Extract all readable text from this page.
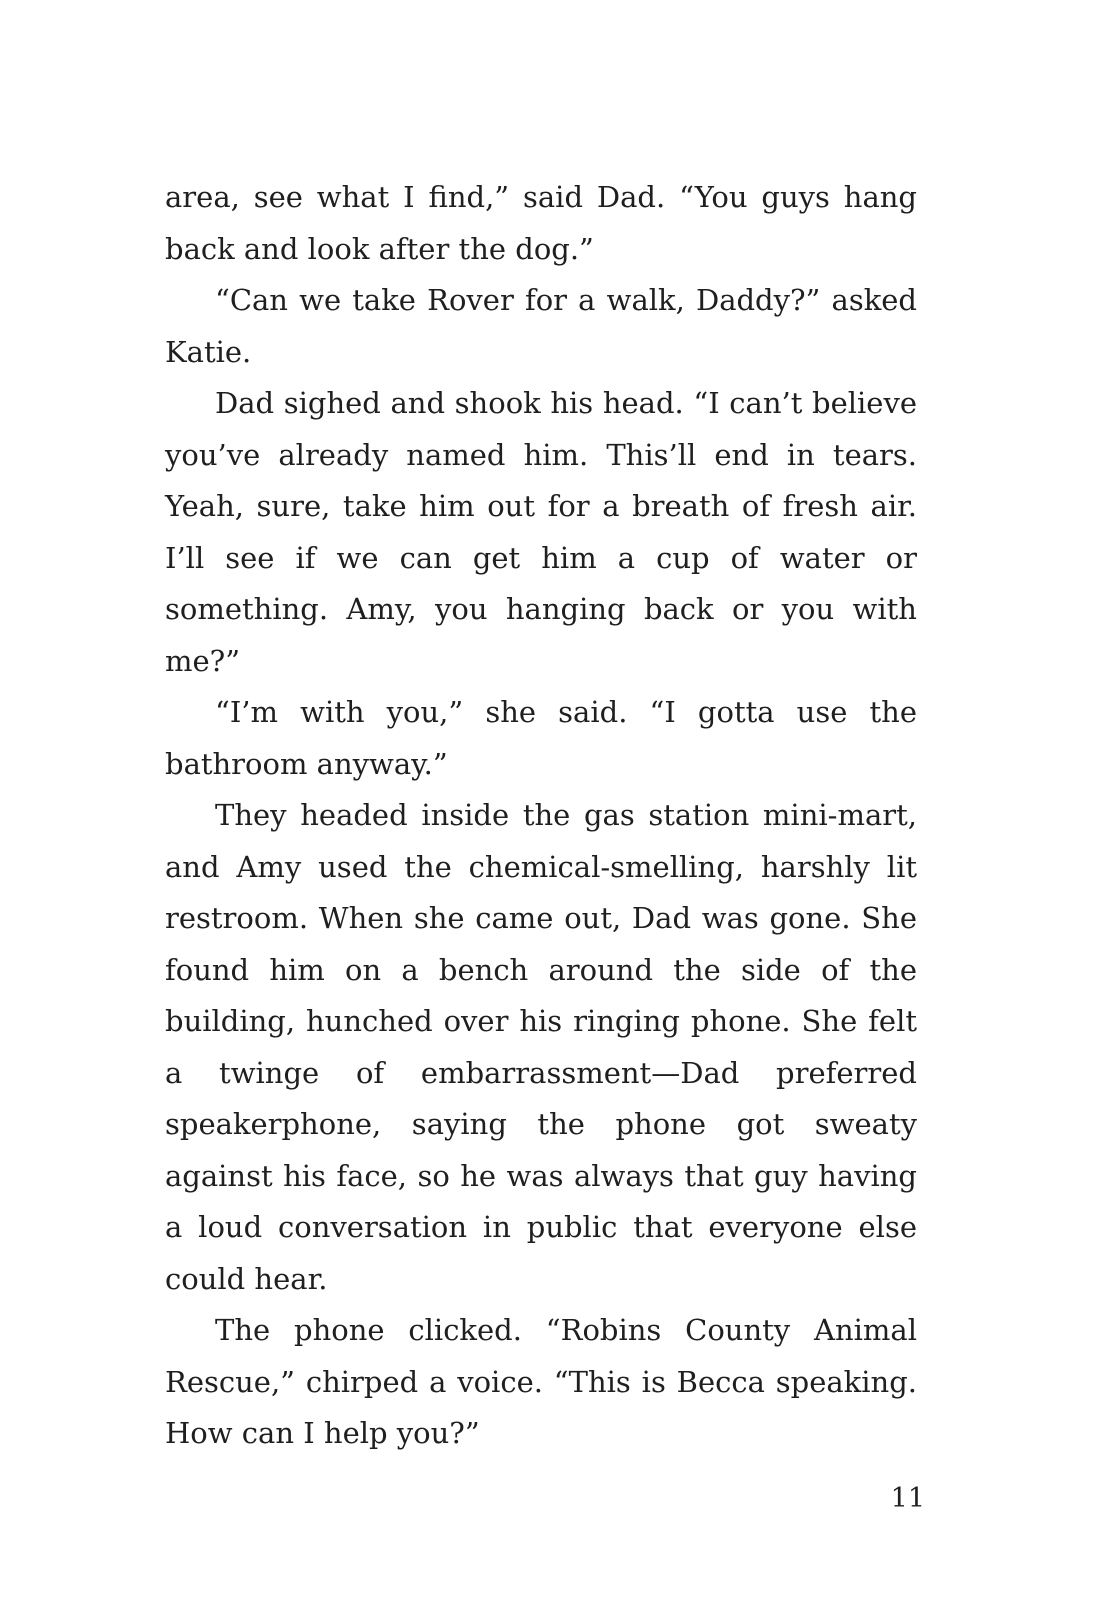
area, see what I find,” said Dad. “You guys hang back and look after the dog.”

“Can we take Rover for a walk, Daddy?” asked Katie.

Dad sighed and shook his head. “I can’t believe you’ve already named him. This’ll end in tears. Yeah, sure, take him out for a breath of fresh air. I’ll see if we can get him a cup of water or something. Amy, you hanging back or you with me?”

“I’m with you,” she said. “I gotta use the bathroom anyway.”

They headed inside the gas station mini-mart, and Amy used the chemical-smelling, harshly lit restroom. When she came out, Dad was gone. She found him on a bench around the side of the building, hunched over his ringing phone. She felt a twinge of embarrassment—Dad preferred speakerphone, saying the phone got sweaty against his face, so he was always that guy having a loud conversation in public that everyone else could hear.

The phone clicked. “Robins County Animal Rescue,” chirped a voice. “This is Becca speaking. How can I help you?”

11
